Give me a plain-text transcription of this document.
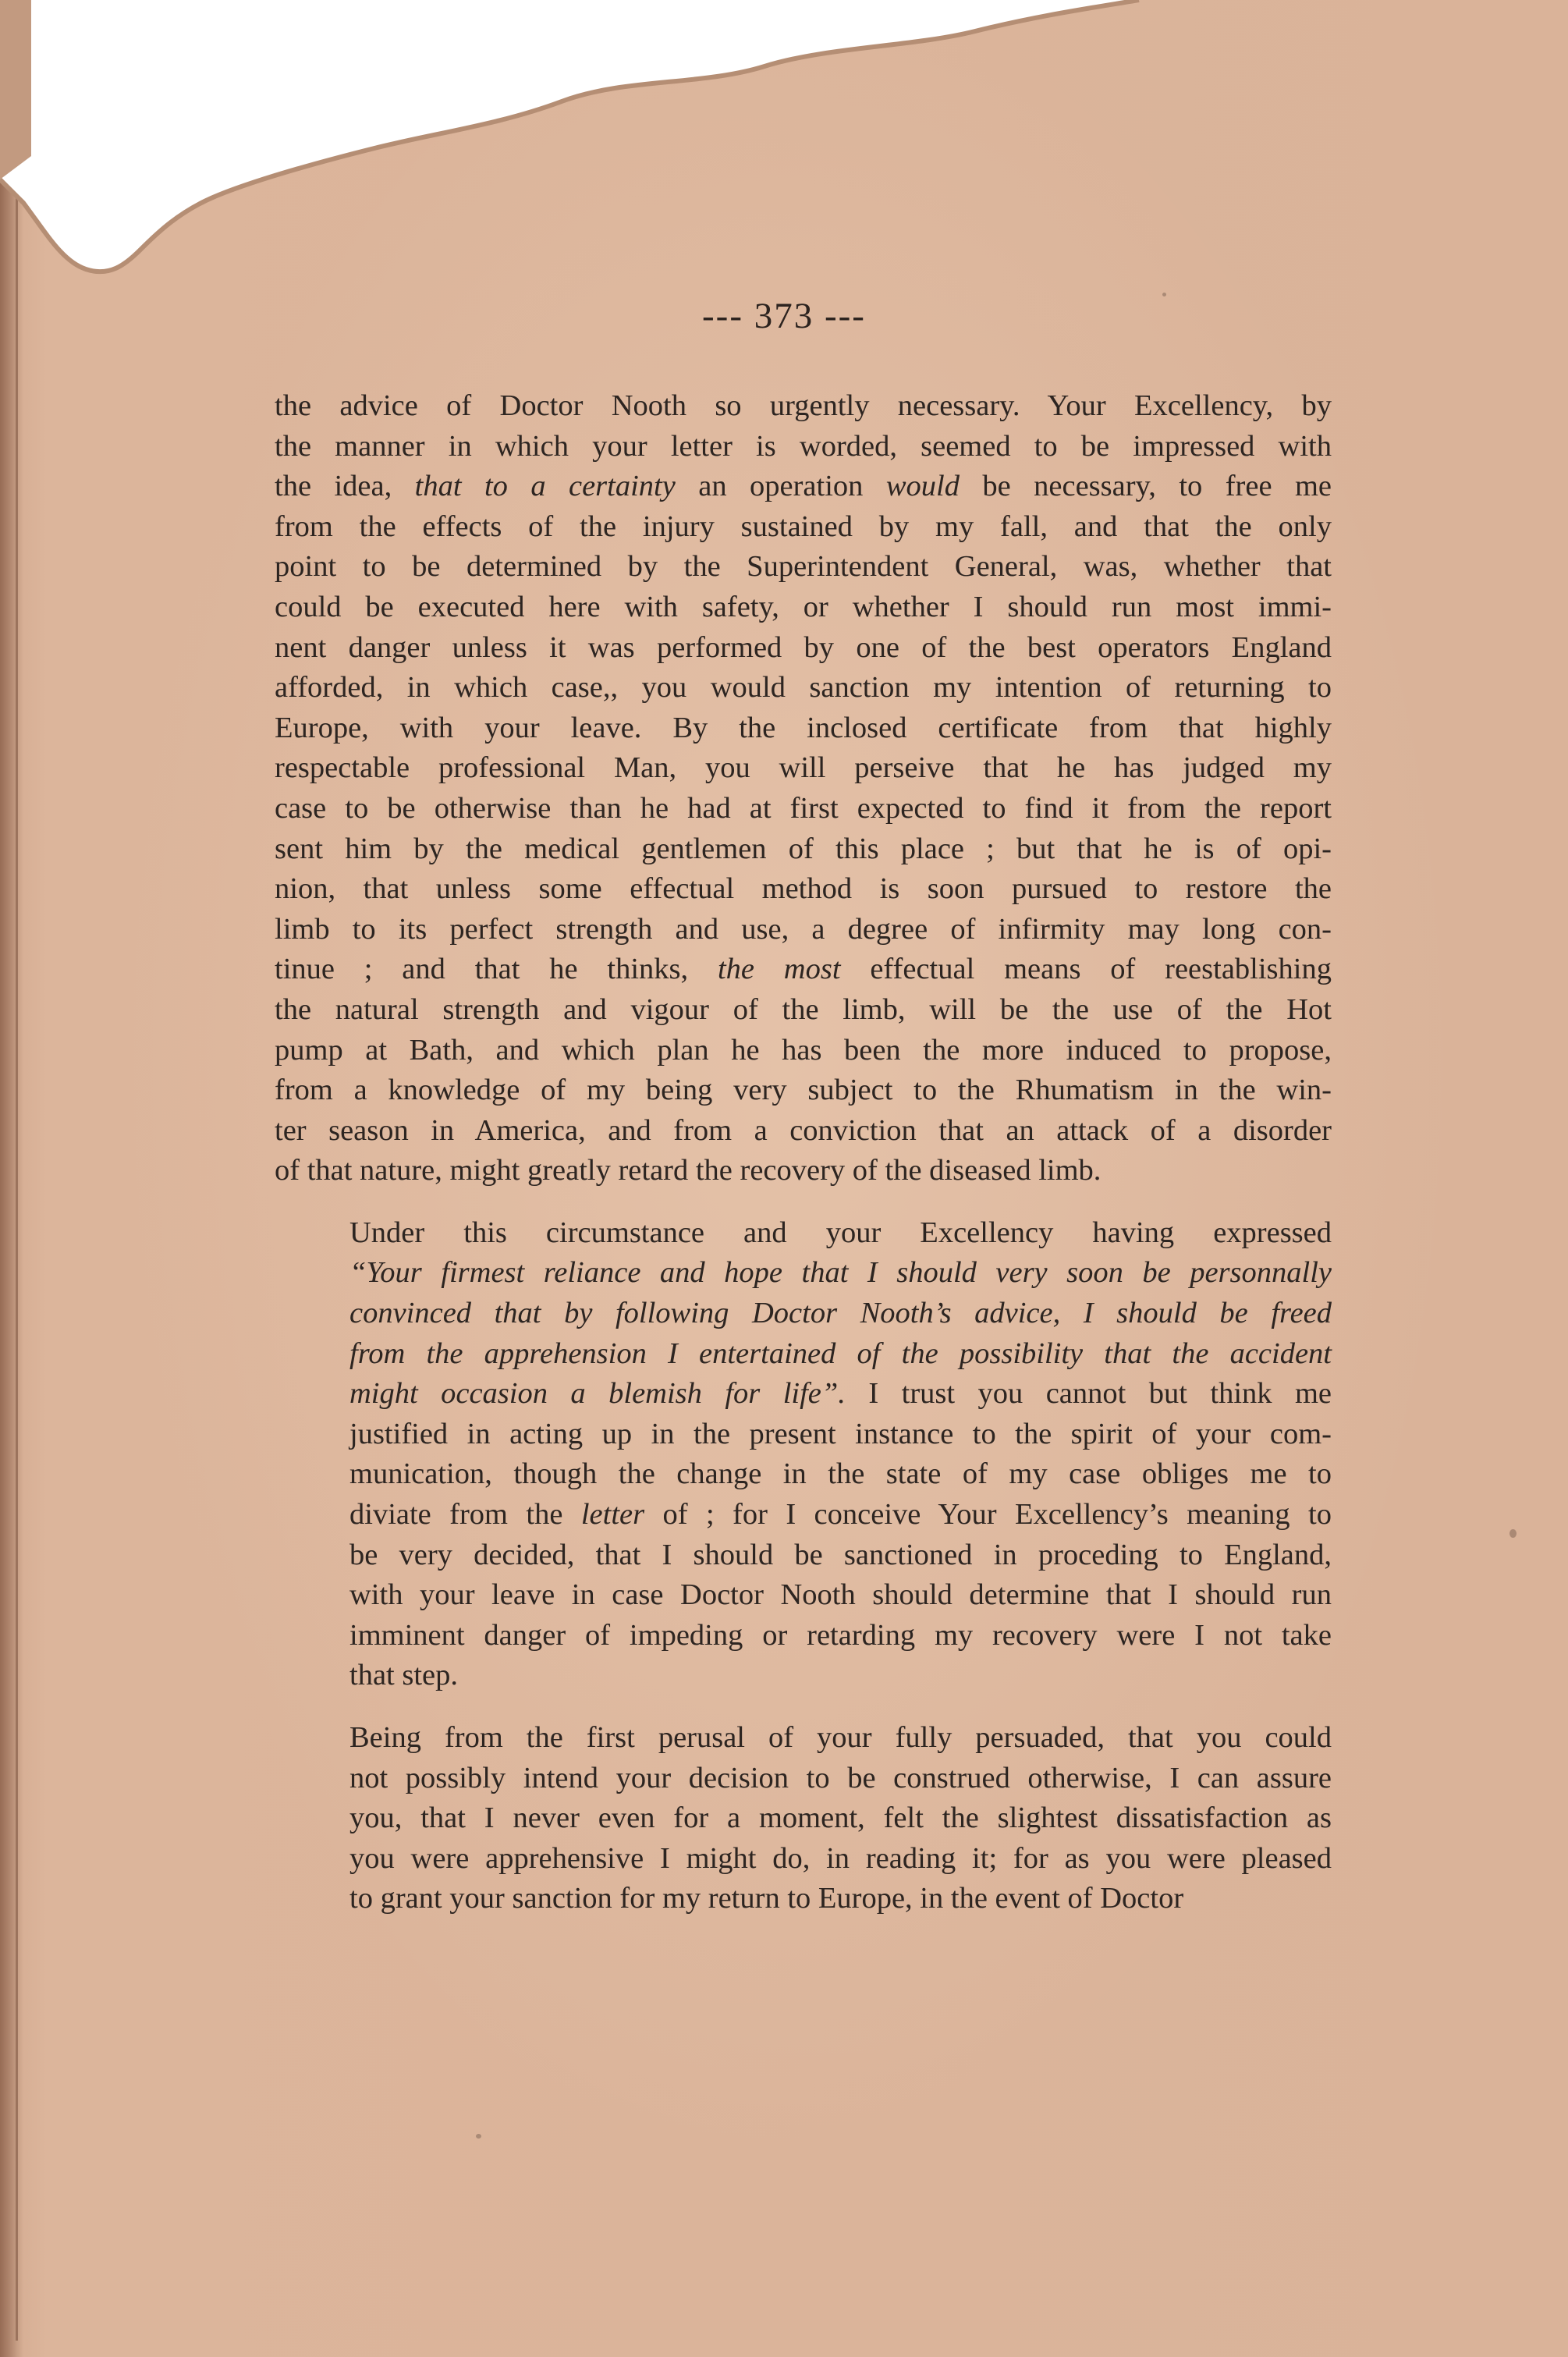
--- 373 ---
the advice of Doctor Nooth so urgently necessary. Your Excellency, by
the manner in which your letter is worded, seemed to be impressed with
the idea, that to a certainty an operation would be necessary, to free me
from the effects of the injury sustained by my fall, and that the only
point to be determined by the Superintendent General, was, whether that
could be executed here with safety, or whether I should run most immi-
nent danger unless it was performed by one of the best operators England
afforded, in which case,, you would sanction my intention of returning to
Europe, with your leave. By the inclosed certificate from that highly
respectable professional Man, you will perseive that he has judged my
case to be otherwise than he had at first expected to find it from the report
sent him by the medical gentlemen of this place ; but that he is of opi-
nion, that unless some effectual method is soon pursued to restore the
limb to its perfect strength and use, a degree of infirmity may long con-
tinue ; and that he thinks, the most effectual means of reestablishing
the natural strength and vigour of the limb, will be the use of the Hot
pump at Bath, and which plan he has been the more induced to propose,
from a knowledge of my being very subject to the Rhumatism in the win-
ter season in America, and from a conviction that an attack of a disorder
of that nature, might greatly retard the recovery of the diseased limb.
Under this circumstance and your Excellency having expressed
“Your firmest reliance and hope that I should very soon be personnally
convinced that by following Doctor Nooth’s advice, I should be freed
from the apprehension I entertained of the possibility that the accident
might occasion a blemish for life”. I trust you cannot but think me
justified in acting up in the present instance to the spirit of your com-
munication, though the change in the state of my case obliges me to
diviate from the letter of ; for I conceive Your Excellency’s meaning to
be very decided, that I should be sanctioned in proceding to England,
with your leave in case Doctor Nooth should determine that I should run
imminent danger of impeding or retarding my recovery were I not take
that step.
Being from the first perusal of your fully persuaded, that you could
not possibly intend your decision to be construed otherwise, I can assure
you, that I never even for a moment, felt the slightest dissatisfaction as
you were apprehensive I might do, in reading it; for as you were pleased
to grant your sanction for my return to Europe, in the event of Doctor
